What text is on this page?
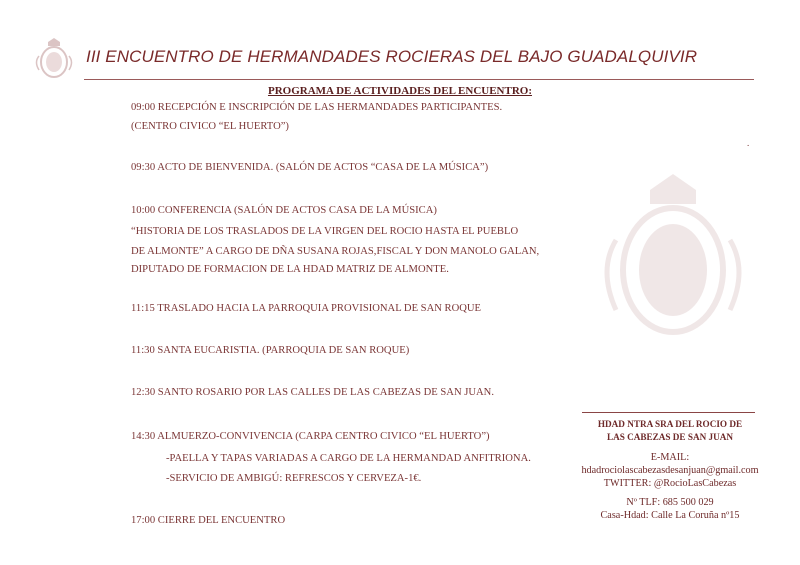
III ENCUENTRO DE HERMANDADES ROCIERAS DEL BAJO GUADALQUIVIR
PROGRAMA DE ACTIVIDADES DEL ENCUENTRO:
09:00 RECEPCIÓN E INSCRIPCIÓN DE LAS HERMANDADES PARTICIPANTES.
(CENTRO CIVICO “EL HUERTO”)
09:30 ACTO DE BIENVENIDA. (SALÓN DE ACTOS “CASA DE LA MÚSICA”)
10:00 CONFERENCIA (SALÓN DE ACTOS CASA DE LA MÚSICA)
“HISTORIA DE LOS TRASLADOS DE LA VIRGEN DEL ROCIO HASTA EL PUEBLO
DE ALMONTE” A CARGO DE DÑA SUSANA ROJAS,FISCAL Y DON MANOLO GALAN,
DIPUTADO DE FORMACION DE LA HDAD MATRIZ DE ALMONTE.
11:15 TRASLADO HACIA LA PARROQUIA PROVISIONAL DE SAN ROQUE
11:30 SANTA EUCARISTIA. (PARROQUIA DE SAN ROQUE)
12:30 SANTO ROSARIO POR LAS CALLES DE LAS CABEZAS DE SAN JUAN.
14:30 ALMUERZO-CONVIVENCIA (CARPA CENTRO CIVICO “EL HUERTO”)
-PAELLA Y TAPAS VARIADAS A CARGO DE LA HERMANDAD ANFITRIONA.
-SERVICIO DE AMBIGÚ: REFRESCOS Y CERVEZA-1€.
17:00 CIERRE DEL ENCUENTRO
.
HDAD NTRA SRA DEL ROCIO DE
LAS CABEZAS DE SAN JUAN
E-MAIL:
hdadrociolascabezasdesanjuan@gmail.com
TWITTER: @RocioLasCabezas
Nº TLF: 685 500 029
Casa-Hdad: Calle La Coruña nº15
